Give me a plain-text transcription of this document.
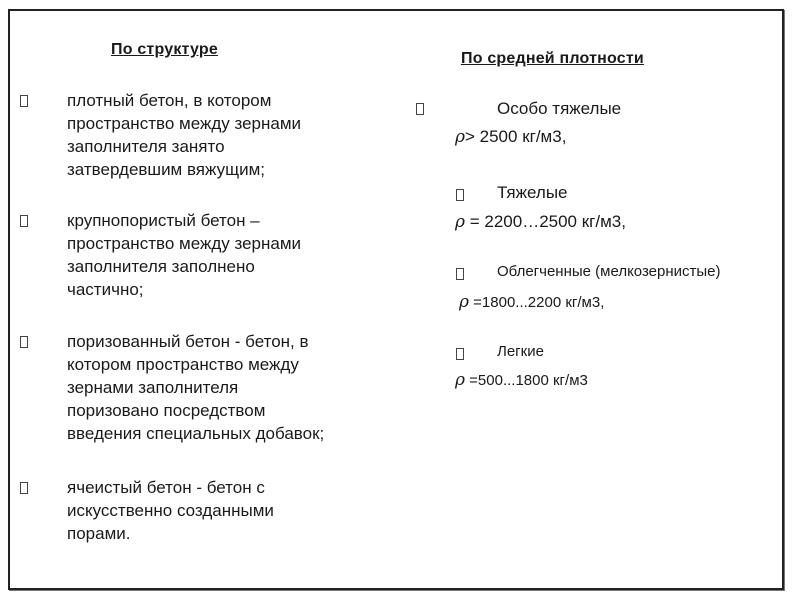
По структуре
плотный бетон, в котором
пространство между зернами
заполнителя занято
затвердевшим вяжущим;
крупнопористый бетон –
пространство между зернами
заполнителя заполнено
частично;
поризованный бетон - бетон, в
котором пространство между
зернами заполнителя
поризовано посредством
введения специальных добавок;
ячеистый бетон - бетон с
искусственно созданными
порами.
По средней плотности
Особо тяжелые
ρ> 2500 кг/м3,
Тяжелые
ρ = 2200…2500 кг/м3,
Облегченные (мелкозернистые)
ρ =1800...2200 кг/м3,
Легкие
ρ =500...1800 кг/м3
